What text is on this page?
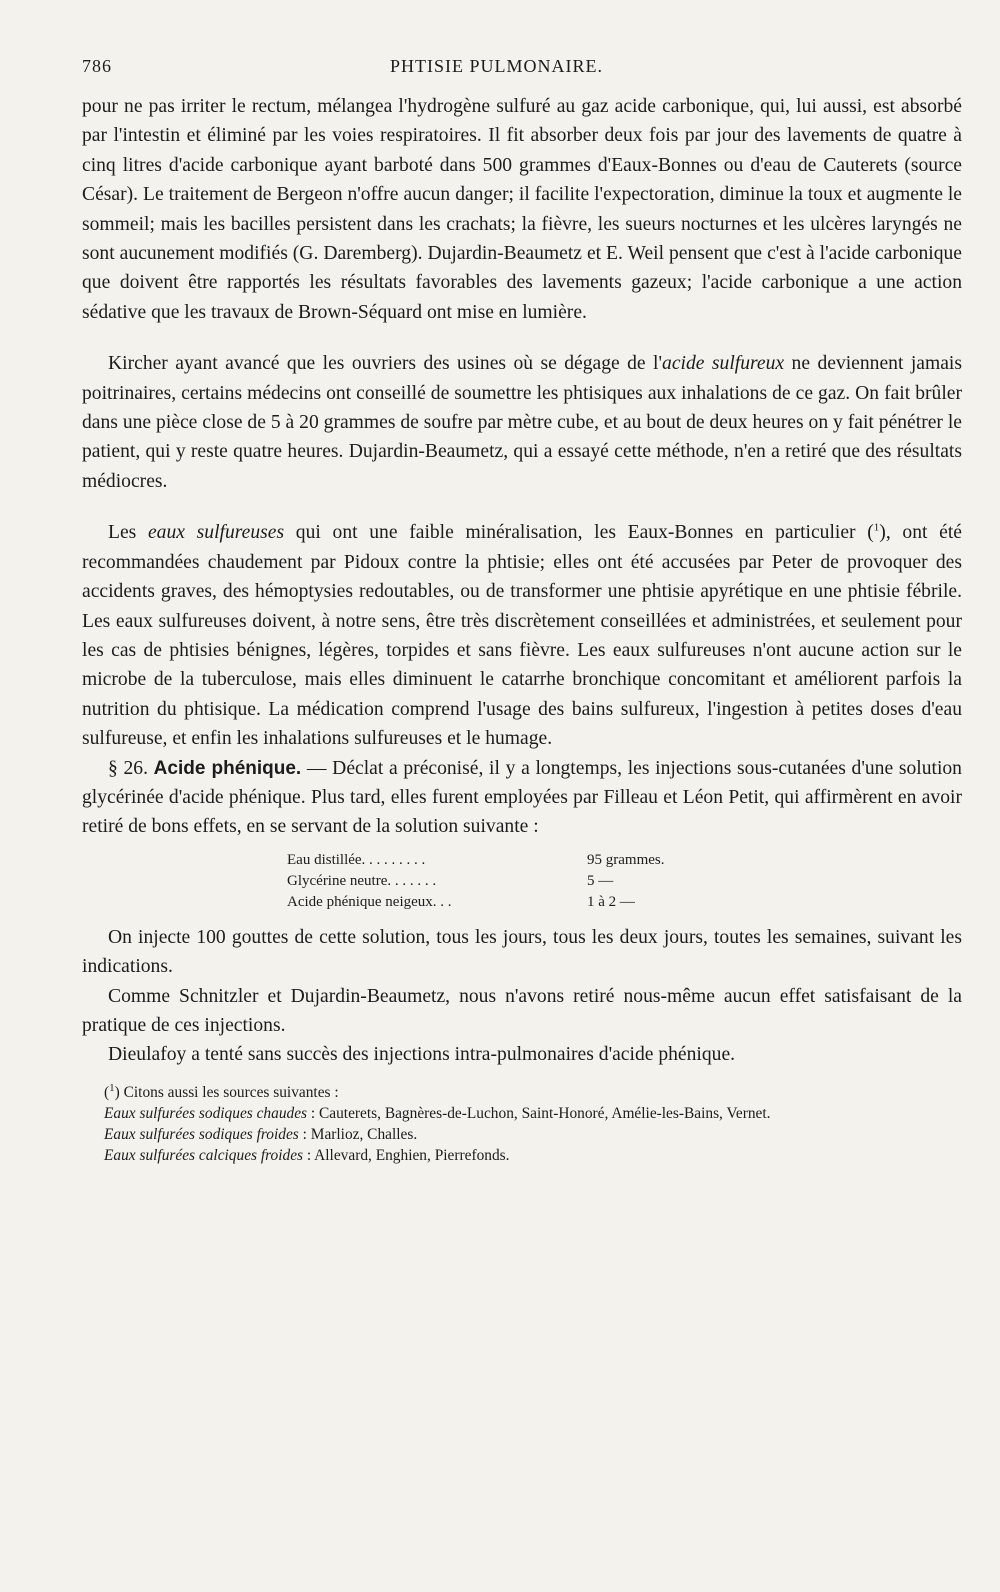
786	PHTISIE PULMONAIRE.

pour ne pas irriter le rectum, mélangea l'hydrogène sulfuré au gaz acide carbonique, qui, lui aussi, est absorbé par l'intestin et éliminé par les voies respiratoires. Il fit absorber deux fois par jour des lavements de quatre à cinq litres d'acide carbonique ayant barboté dans 500 grammes d'Eaux-Bonnes ou d'eau de Cauterets (source César). Le traitement de Bergeon n'offre aucun danger; il facilite l'expectoration, diminue la toux et augmente le sommeil; mais les bacilles persistent dans les crachats; la fièvre, les sueurs nocturnes et les ulcères laryngés ne sont aucunement modifiés (G. Daremberg). Dujardin-Beaumetz et E. Weil pensent que c'est à l'acide carbonique que doivent être rapportés les résultats favorables des lavements gazeux; l'acide carbonique a une action sédative que les travaux de Brown-Séquard ont mise en lumière.

Kircher ayant avancé que les ouvriers des usines où se dégage de l'acide sulfureux ne deviennent jamais poitrinaires, certains médecins ont conseillé de soumettre les phtisiques aux inhalations de ce gaz. On fait brûler dans une pièce close de 5 à 20 grammes de soufre par mètre cube, et au bout de deux heures on y fait pénétrer le patient, qui y reste quatre heures. Dujardin-Beaumetz, qui a essayé cette méthode, n'en a retiré que des résultats médiocres.

Les eaux sulfureuses qui ont une faible minéralisation, les Eaux-Bonnes en particulier ($^1$), ont été recommandées chaudement par Pidoux contre la phtisie; elles ont été accusées par Peter de provoquer des accidents graves, des hémoptysies redoutables, ou de transformer une phtisie apyrétique en une phtisie fébrile. Les eaux sulfureuses doivent, à notre sens, être très discrètement conseillées et administrées, et seulement pour les cas de phtisies bénignes, légères, torpides et sans fièvre. Les eaux sulfureuses n'ont aucune action sur le microbe de la tuberculose, mais elles diminuent le catarrhe bronchique concomitant et améliorent parfois la nutrition du phtisique. La médication comprend l'usage des bains sulfureux, l'ingestion à petites doses d'eau sulfureuse, et enfin les inhalations sulfureuses et le humage.

§ 26. Acide phénique. — Déclat a préconisé, il y a longtemps, les injections sous-cutanées d'une solution glycérinée d'acide phénique. Plus tard, elles furent employées par Filleau et Léon Petit, qui affirmèrent en avoir retiré de bons effets, en se servant de la solution suivante :

Eau distillée. . . . . . . . .	95 grammes.
Glycérine neutre. . . . . . .	5 —
Acide phénique neigeux. . .	1 à 2 —

On injecte 100 gouttes de cette solution, tous les jours, tous les deux jours, toutes les semaines, suivant les indications.

Comme Schnitzler et Dujardin-Beaumetz, nous n'avons retiré nous-même aucun effet satisfaisant de la pratique de ces injections.

Dieulafoy a tenté sans succès des injections intra-pulmonaires d'acide phénique.

($^1$) Citons aussi les sources suivantes :

Eaux sulfurées sodiques chaudes : Cauterets, Bagnères-de-Luchon, Saint-Honoré, Amélie-les-Bains, Vernet.

Eaux sulfurées sodiques froides : Marlioz, Challes.

Eaux sulfurées calciques froides : Allevard, Enghien, Pierrefonds.
